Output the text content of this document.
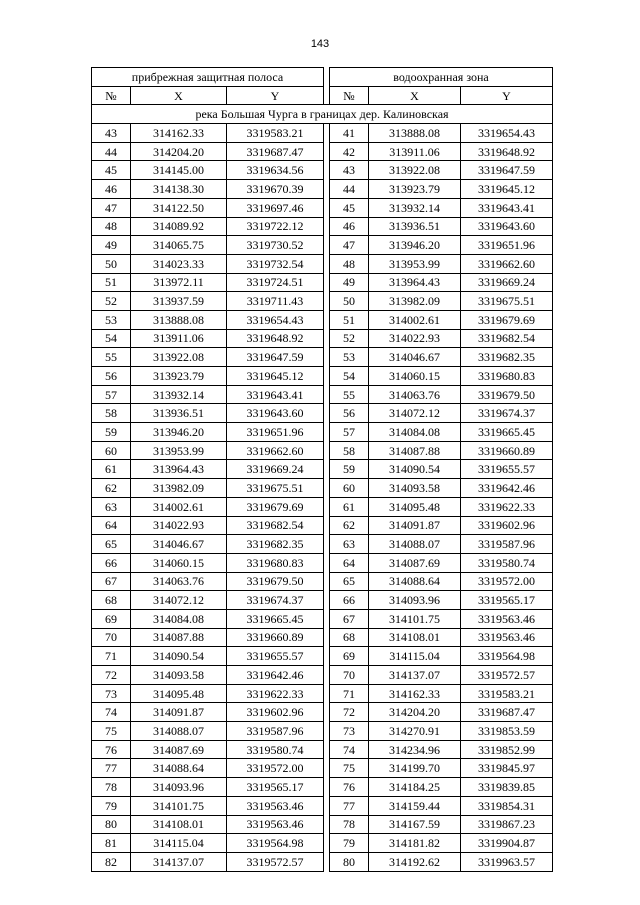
143
прибрежная защитная полоса				водоохранная зона		
№	X	Y		№	X	Y
река Большая Чурга в границах дер. Калиновская						
43	314162.33	3319583.21		41	313888.08	3319654.43
44	314204.20	3319687.47		42	313911.06	3319648.92
45	314145.00	3319634.56		43	313922.08	3319647.59
46	314138.30	3319670.39		44	313923.79	3319645.12
47	314122.50	3319697.46		45	313932.14	3319643.41
48	314089.92	3319722.12		46	313936.51	3319643.60
49	314065.75	3319730.52		47	313946.20	3319651.96
50	314023.33	3319732.54		48	313953.99	3319662.60
51	313972.11	3319724.51		49	313964.43	3319669.24
52	313937.59	3319711.43		50	313982.09	3319675.51
53	313888.08	3319654.43		51	314002.61	3319679.69
54	313911.06	3319648.92		52	314022.93	3319682.54
55	313922.08	3319647.59		53	314046.67	3319682.35
56	313923.79	3319645.12		54	314060.15	3319680.83
57	313932.14	3319643.41		55	314063.76	3319679.50
58	313936.51	3319643.60		56	314072.12	3319674.37
59	313946.20	3319651.96		57	314084.08	3319665.45
60	313953.99	3319662.60		58	314087.88	3319660.89
61	313964.43	3319669.24		59	314090.54	3319655.57
62	313982.09	3319675.51		60	314093.58	3319642.46
63	314002.61	3319679.69		61	314095.48	3319622.33
64	314022.93	3319682.54		62	314091.87	3319602.96
65	314046.67	3319682.35		63	314088.07	3319587.96
66	314060.15	3319680.83		64	314087.69	3319580.74
67	314063.76	3319679.50		65	314088.64	3319572.00
68	314072.12	3319674.37		66	314093.96	3319565.17
69	314084.08	3319665.45		67	314101.75	3319563.46
70	314087.88	3319660.89		68	314108.01	3319563.46
71	314090.54	3319655.57		69	314115.04	3319564.98
72	314093.58	3319642.46		70	314137.07	3319572.57
73	314095.48	3319622.33		71	314162.33	3319583.21
74	314091.87	3319602.96		72	314204.20	3319687.47
75	314088.07	3319587.96		73	314270.91	3319853.59
76	314087.69	3319580.74		74	314234.96	3319852.99
77	314088.64	3319572.00		75	314199.70	3319845.97
78	314093.96	3319565.17		76	314184.25	3319839.85
79	314101.75	3319563.46		77	314159.44	3319854.31
80	314108.01	3319563.46		78	314167.59	3319867.23
81	314115.04	3319564.98		79	314181.82	3319904.87
82	314137.07	3319572.57		80	314192.62	3319963.57
